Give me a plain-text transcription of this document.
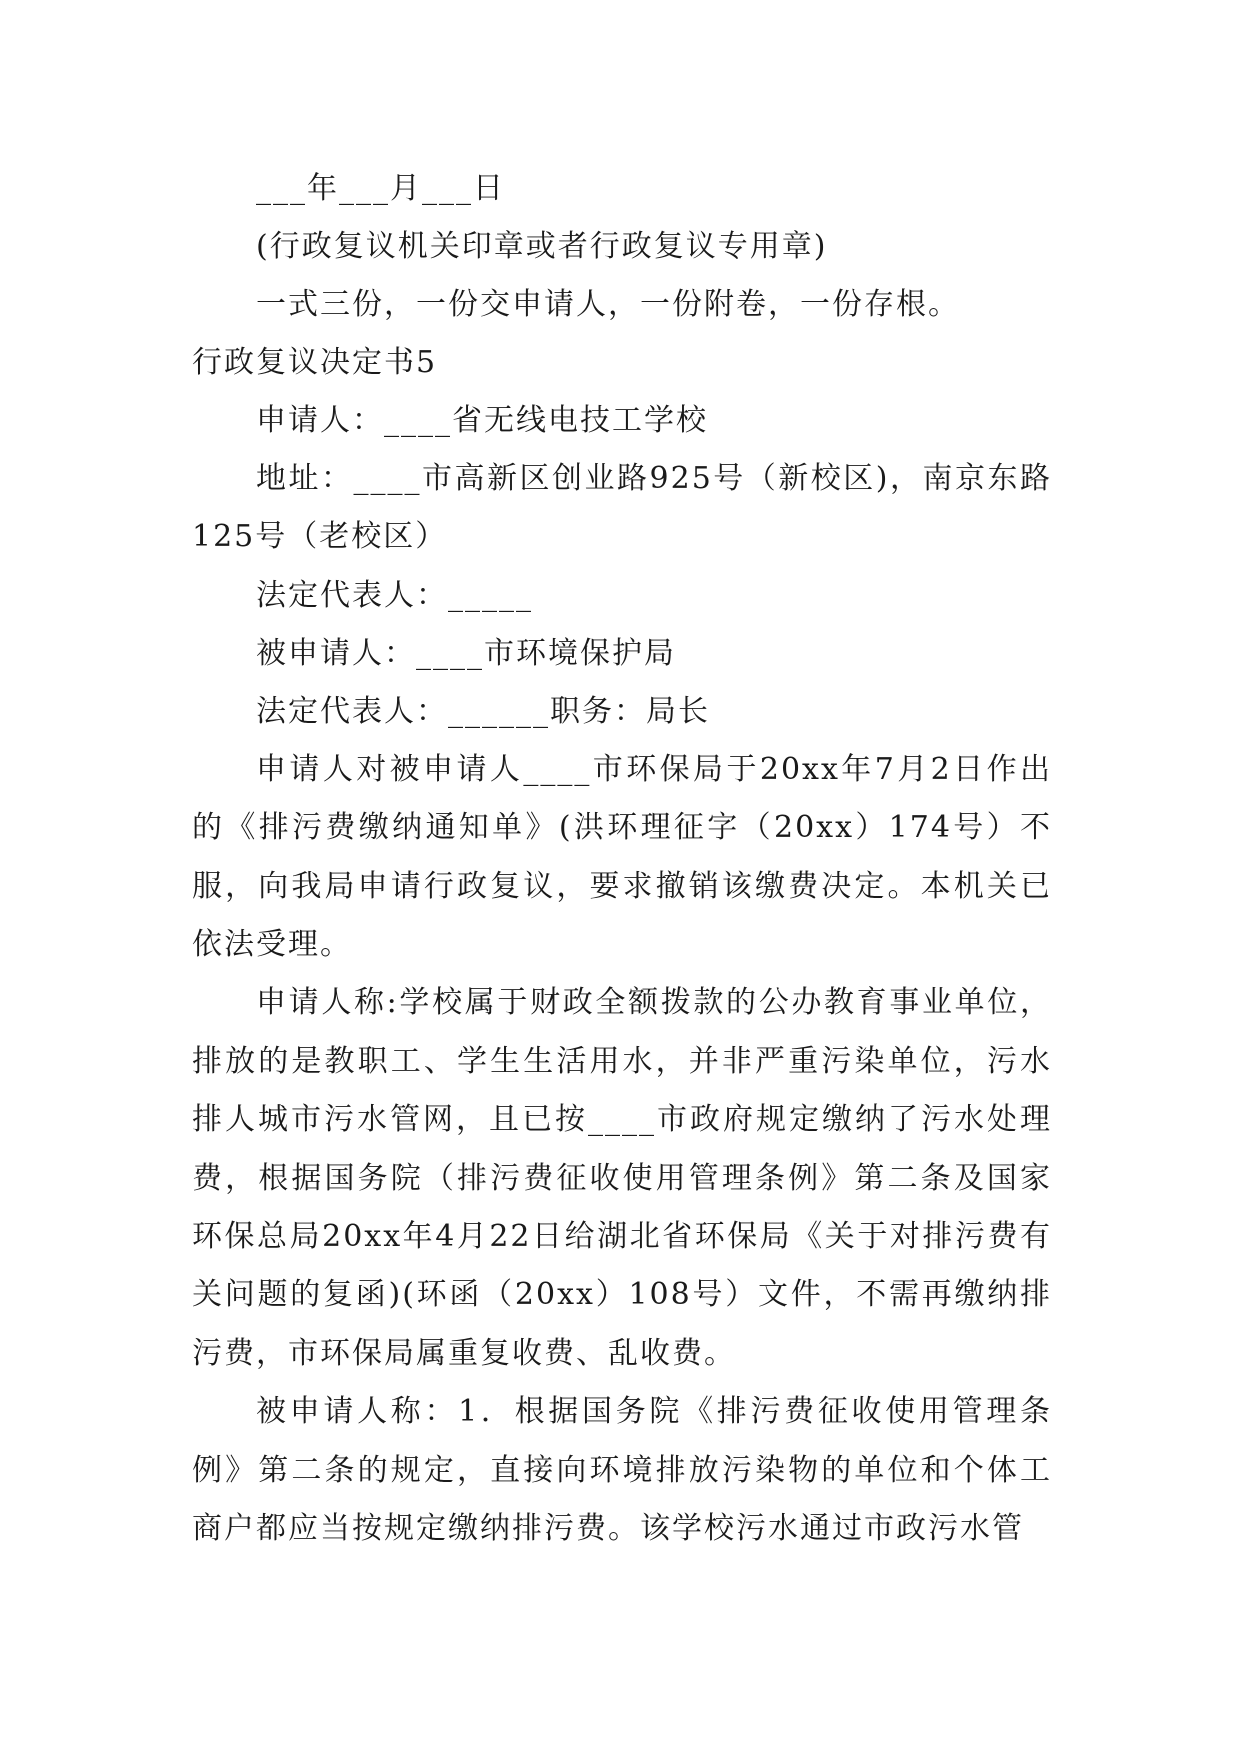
___年___月___日
(行政复议机关印章或者行政复议专用章)
一式三份，一份交申请人，一份附卷，一份存根。
行政复议决定书5
申请人：____省无线电技工学校

地址：____市高新区创业路925号（新校区)，南京东路125号（老校区）

法定代表人：_____
被申请人：____市环境保护局
法定代表人：______职务：局长

申请人对被申请人____市环保局于20xx年7月2日作出的《排污费缴纳通知单》(洪环理征字（20xx）174号）不服，向我局申请行政复议，要求撤销该缴费决定。本机关已依法受理。

申请人称:学校属于财政全额拨款的公办教育事业单位，排放的是教职工、学生生活用水，并非严重污染单位，污水排人城市污水管网，且已按____市政府规定缴纳了污水处理费，根据国务院（排污费征收使用管理条例》第二条及国家环保总局20xx年4月22日给湖北省环保局《关于对排污费有关问题的复函)(环函（20xx）108号）文件，不需再缴纳排污费，市环保局属重复收费、乱收费。

被申请人称：1．根据国务院《排污费征收使用管理条例》第二条的规定，直接向环境排放污染物的单位和个体工商户都应当按规定缴纳排污费。该学校污水通过市政污水管
